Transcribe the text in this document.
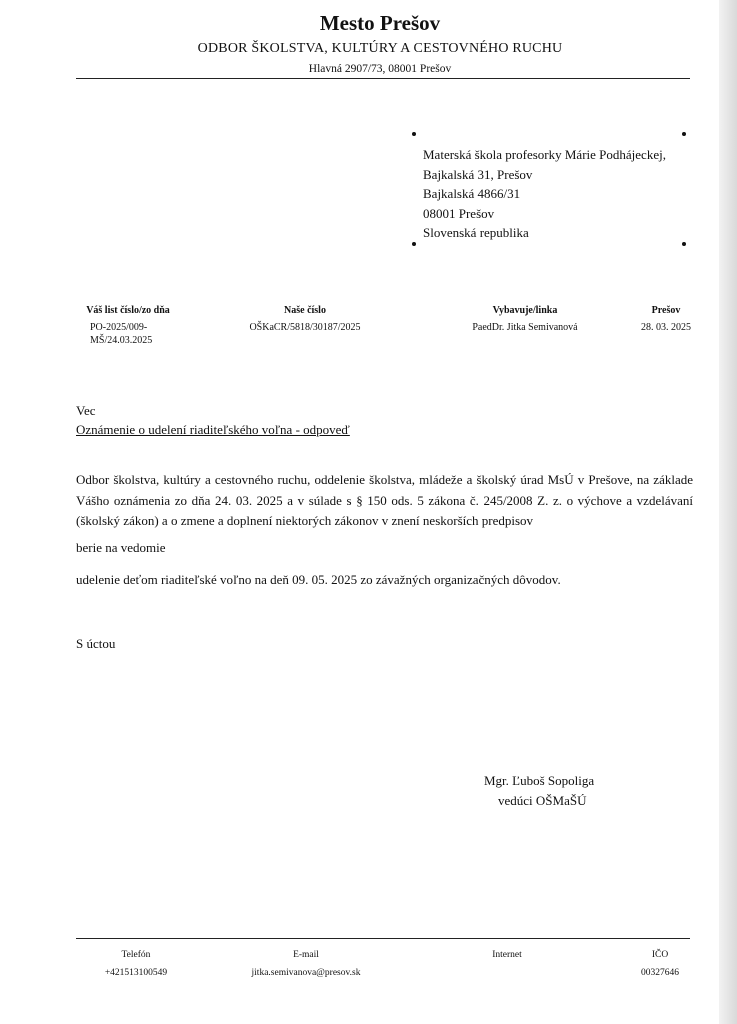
Mesto Prešov
ODBOR ŠKOLSTVA, KULTÚRY A CESTOVNÉHO RUCHU
Hlavná 2907/73, 08001 Prešov
Materská škola profesorky Márie Podhájeckej,
Bajkalská 31, Prešov
Bajkalská 4866/31
08001 Prešov
Slovenská republika
Váš list číslo/zo dňa
PO-2025/009-
MŠ/24.03.2025
Naše číslo
OŠKaCR/5818/30187/2025
Vybavuje/linka
PaedDr. Jitka Semivanová
Prešov
28. 03. 2025
Vec
Oznámenie o udelení riaditeľského voľna - odpoveď
Odbor školstva, kultúry a cestovného ruchu, oddelenie školstva, mládeže a školský úrad MsÚ v Prešove, na základe Vášho oznámenia zo dňa 24. 03. 2025 a v súlade s § 150 ods. 5 zákona č. 245/2008 Z. z. o výchove a vzdelávaní (školský zákon) a o zmene a doplnení niektorých zákonov v znení neskorších predpisov
berie na vedomie
udelenie deťom riaditeľské voľno na deň 09. 05. 2025 zo závažných organizačných dôvodov.
S úctou
Mgr. Ľuboš Sopoliga
vedúci OŠMaŠÚ
Telefón
+421513100549
E-mail
jitka.semivanova@presov.sk
Internet	IČO
00327646
